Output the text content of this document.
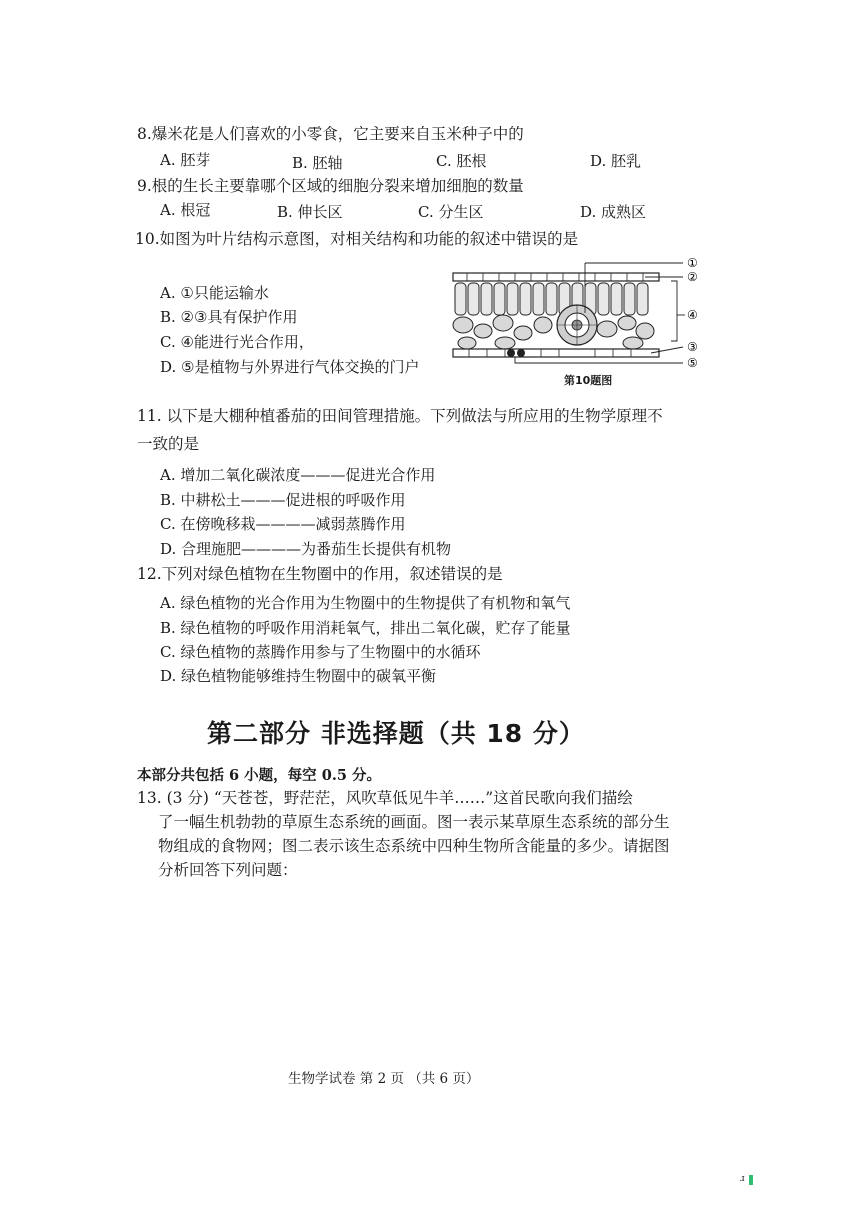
8.爆米花是人们喜欢的小零食，它主要来自玉米种子中的
A. 胚芽	B. 胚轴	C. 胚根	D. 胚乳
9.根的生长主要靠哪个区域的细胞分裂来增加细胞的数量
A. 根冠	B. 伸长区	C. 分生区	D. 成熟区
10.如图为叶片结构示意图，对相关结构和功能的叙述中错误的是
A. ①只能运输水
B. ②③具有保护作用
C. ④能进行光合作用，
D. ⑤是植物与外界进行气体交换的门户
①
②
④
③
⑤
第10题图
11. 以下是大棚种植番茄的田间管理措施。下列做法与所应用的生物学原理不
一致的是
A. 增加二氧化碳浓度———促进光合作用
B. 中耕松土———促进根的呼吸作用
C. 在傍晚移栽————减弱蒸腾作用
D. 合理施肥————为番茄生长提供有机物
12.下列对绿色植物在生物圈中的作用，叙述错误的是
A. 绿色植物的光合作用为生物圈中的生物提供了有机物和氧气
B. 绿色植物的呼吸作用消耗氧气，排出二氧化碳，贮存了能量
C. 绿色植物的蒸腾作用参与了生物圈中的水循环
D. 绿色植物能够维持生物圈中的碳氧平衡
第二部分 非选择题（共 18 分）
本部分共包括 6 小题，每空 0.5 分。
13. (3 分) “天苍苍，野茫茫，风吹草低见牛羊……”这首民歌向我们描绘
了一幅生机勃勃的草原生态系统的画面。图一表示某草原生态系统的部分生
物组成的食物网；图二表示该生态系统中四种生物所含能量的多少。请据图
分析回答下列问题：
生物学试卷 第 2 页 （共 6 页）
ɹ
